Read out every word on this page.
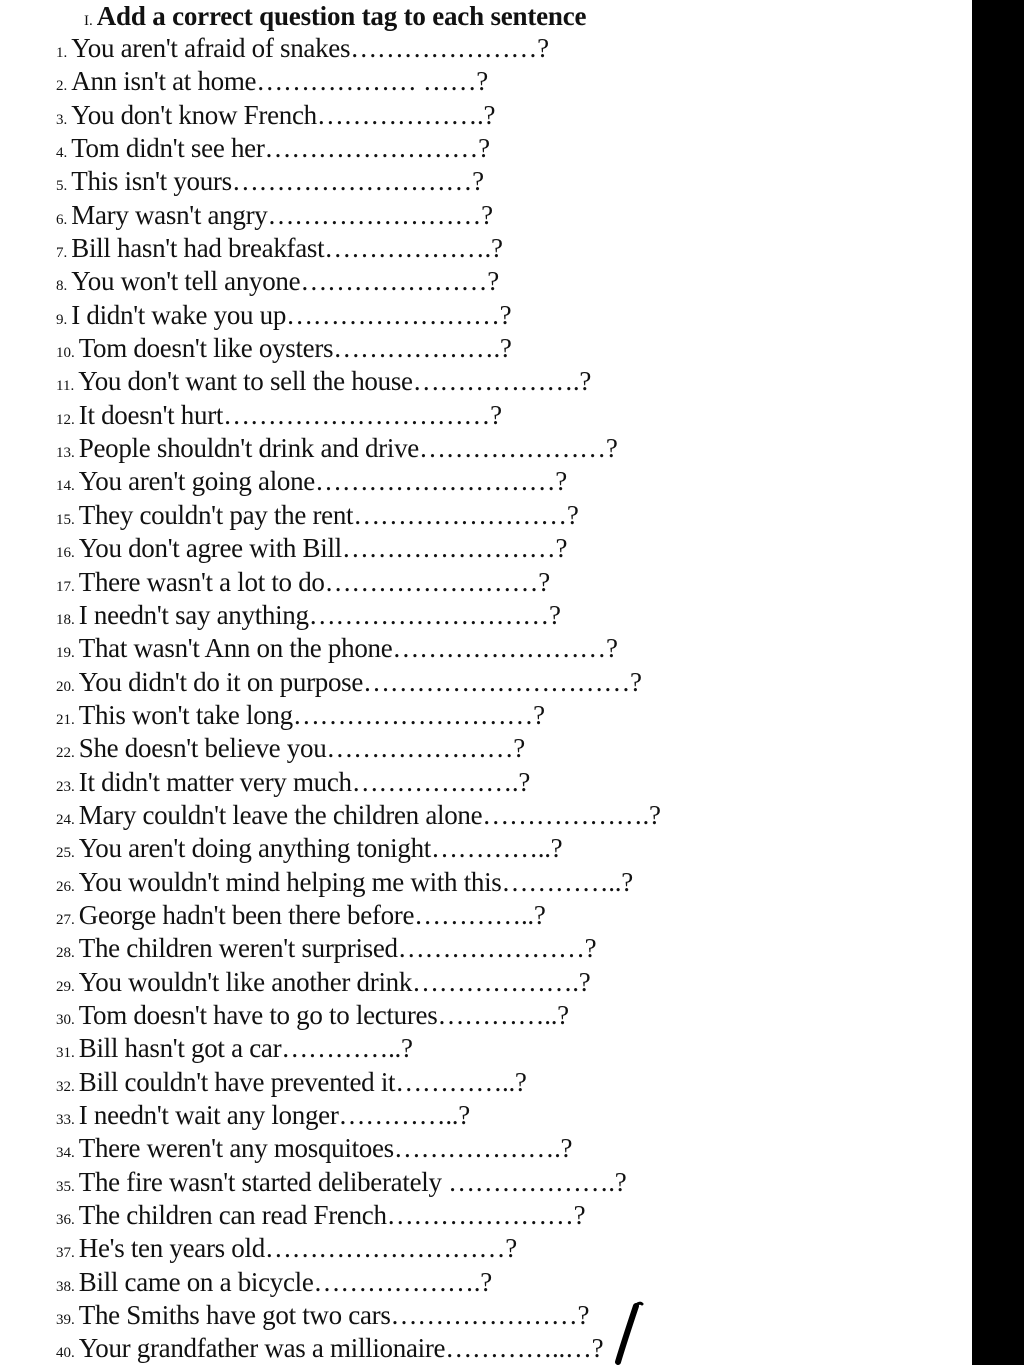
I. Add a correct question tag to each sentence
1. You aren't afraid of snakes…………………?
2. Ann isn't at home……………… ……?
3. You don't know French……………….?
4. Tom didn't see her……………………?
5. This isn't yours………………………?
6. Mary wasn't angry……………………?
7. Bill hasn't had breakfast……………….?
8. You won't tell anyone…………………?
9. I didn't wake you up……………………?
10. Tom doesn't like oysters……………….?
11. You don't want to sell the house……………….?
12. It doesn't hurt…………………………?
13. People shouldn't drink and drive…………………?
14. You aren't going alone………………………?
15. They couldn't pay the rent……………………?
16. You don't agree with Bill……………………?
17. There wasn't a lot to do……………………?
18. I needn't say anything………………………?
19. That wasn't Ann on the phone……………………?
20. You didn't do it on purpose…………………………?
21. This won't take long………………………?
22. She doesn't believe you…………………?
23. It didn't matter very much……………….?
24. Mary couldn't leave the children alone……………….?
25. You aren't doing anything tonight…………..?
26. You wouldn't mind helping me with this…………..?
27. George hadn't been there before…………..?
28. The children weren't surprised…………………?
29. You wouldn't like another drink……………….?
30. Tom doesn't have to go to lectures…………..?
31. Bill hasn't got a car…………..?
32. Bill couldn't have prevented it…………..?
33. I needn't wait any longer…………..?
34. There weren't any mosquitoes……………….?
35. The fire wasn't started deliberately ……………….?
36. The children can read French…………………?
37. He's ten years old………………………?
38. Bill came on a bicycle……………….?
39. The Smiths have got two cars…………………?
40. Your grandfather was a millionaire…………..…?
